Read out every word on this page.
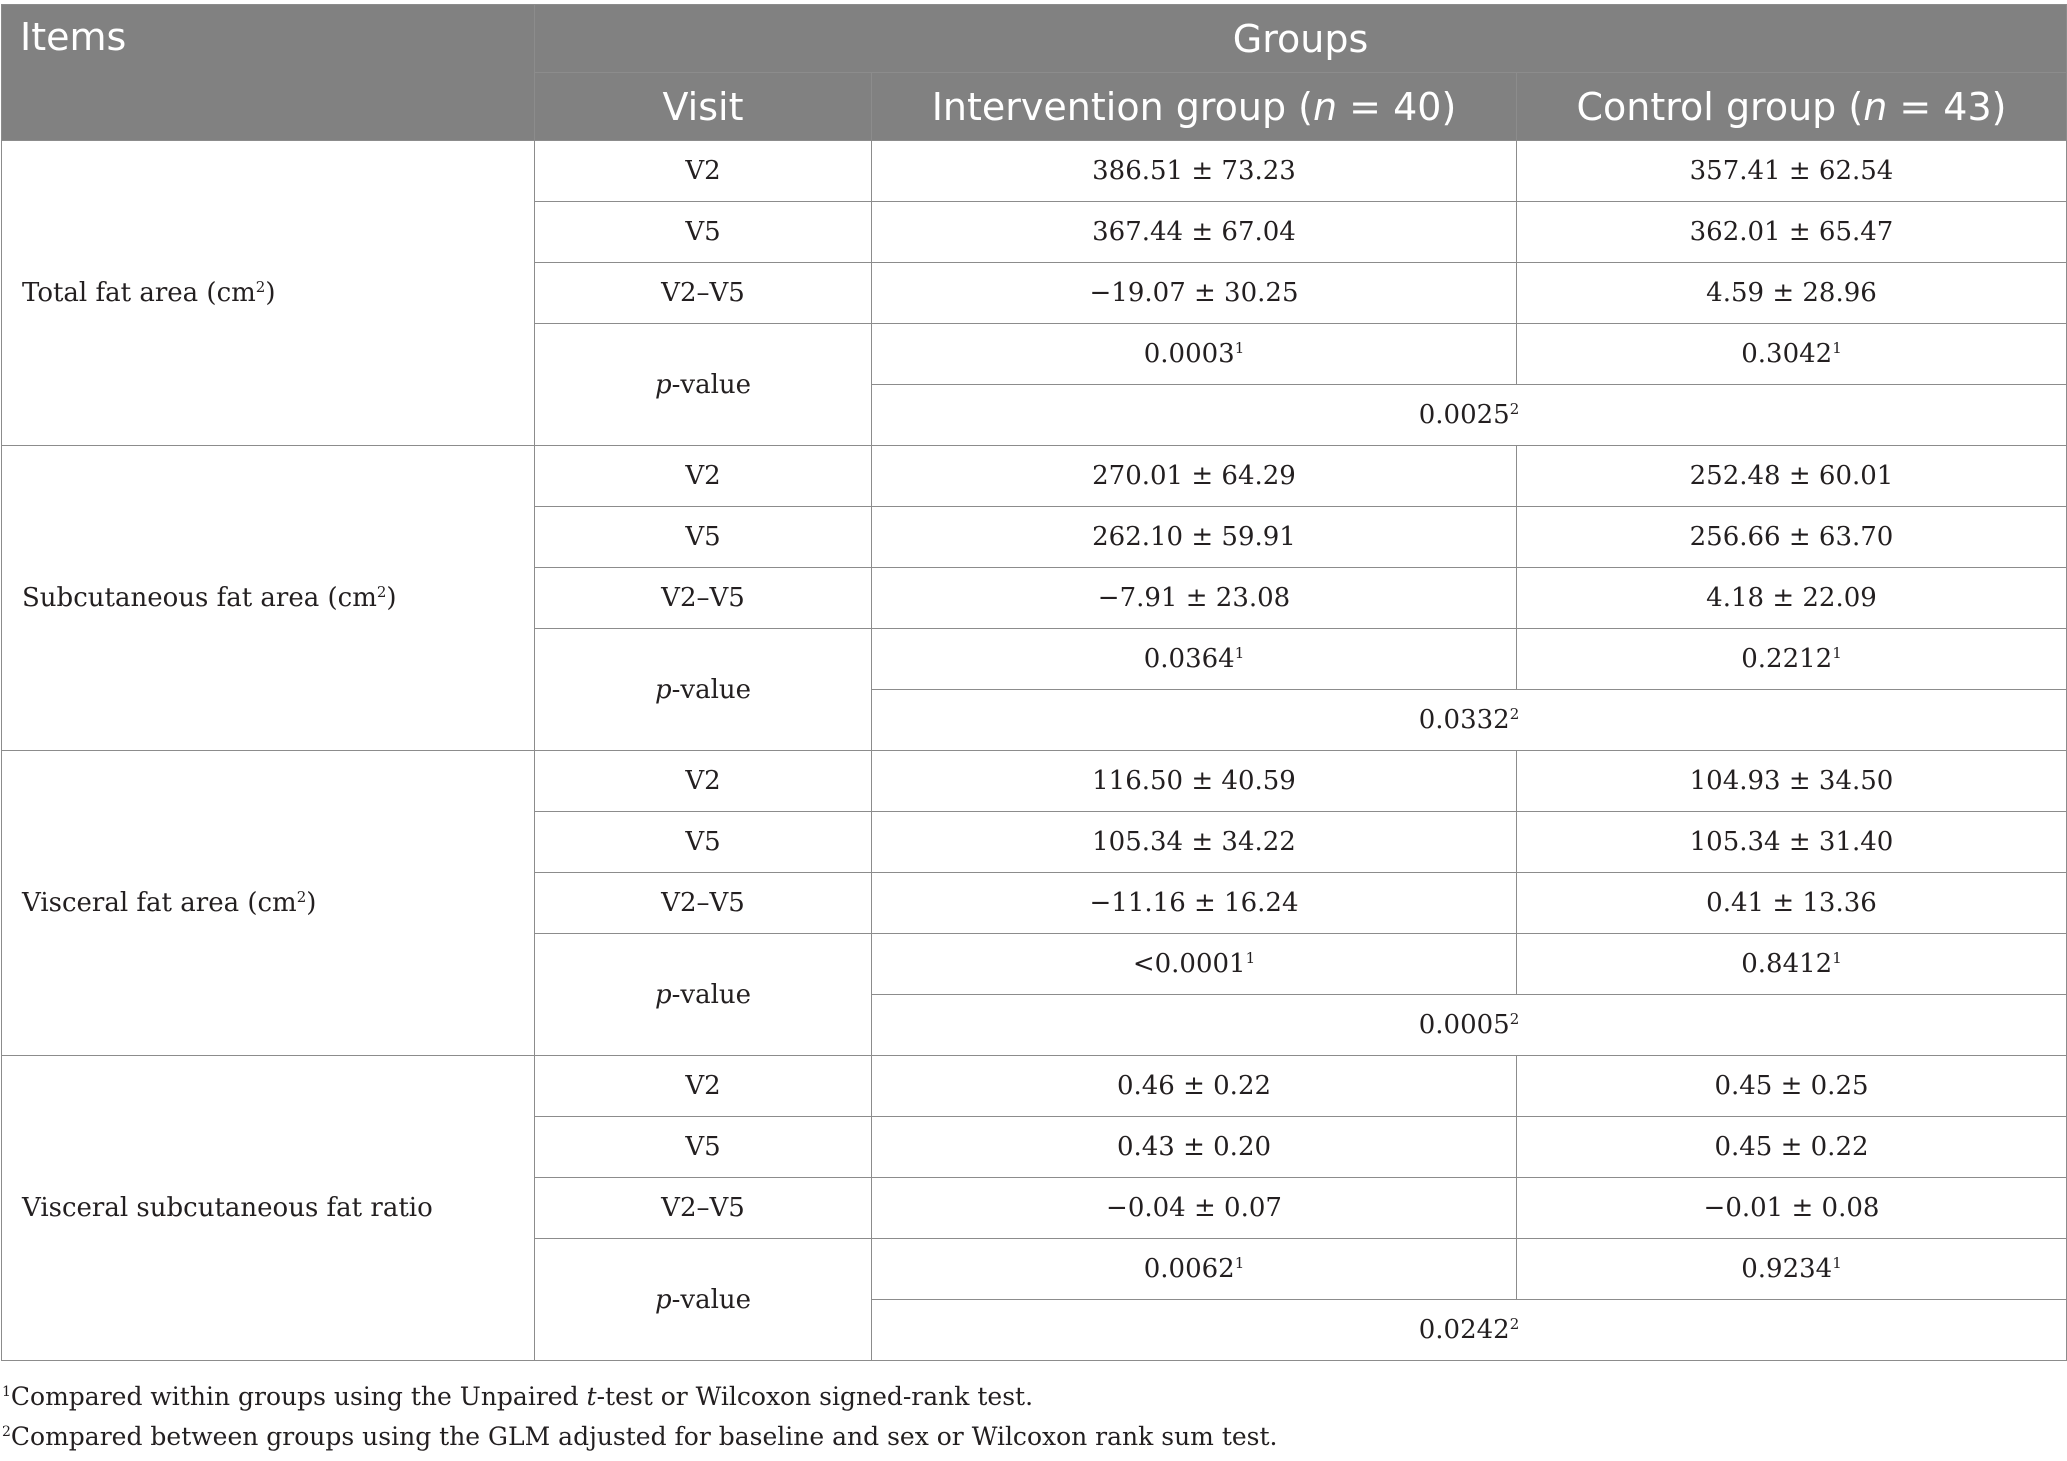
Items	Groups		
	Visit	Intervention group (n = 40)	Control group (n = 43)
Total fat area $(cm^2)$	V2	386.51 ± 73.23	357.41 ± 62.54
	V5	367.44 ± 67.04	362.01 ± 65.47
	V2–V5	−19.07 ± 30.25	4.59 ± 28.96
	p-value	0.0003$^1$	0.3042$^1$
		0.0025$^2$
Subcutaneous fat area $(cm^2)$	V2	270.01 ± 64.29	252.48 ± 60.01
	V5	262.10 ± 59.91	256.66 ± 63.70
	V2–V5	−7.91 ± 23.08	4.18 ± 22.09
	p-value	0.0364$^1$	0.2212$^1$
		0.0332$^2$
Visceral fat area $(cm^2)$	V2	116.50 ± 40.59	104.93 ± 34.50
	V5	105.34 ± 34.22	105.34 ± 31.40
	V2–V5	−11.16 ± 16.24	0.41 ± 13.36
	p-value	$<0.0001^1$	0.8412$^1$
		0.0005$^2$
Visceral subcutaneous fat ratio	V2	0.46 ± 0.22	0.45 ± 0.25
	V5	0.43 ± 0.20	0.45 ± 0.22
	V2–V5	−0.04 ± 0.07	−0.01 ± 0.08
	p-value	0.0062$^1$	0.9234$^1$
		0.0242$^2$
$^1$Compared within groups using the Unpaired t-test or Wilcoxon signed-rank test.
$^2$Compared between groups using the GLM adjusted for baseline and sex or Wilcoxon rank sum test.
